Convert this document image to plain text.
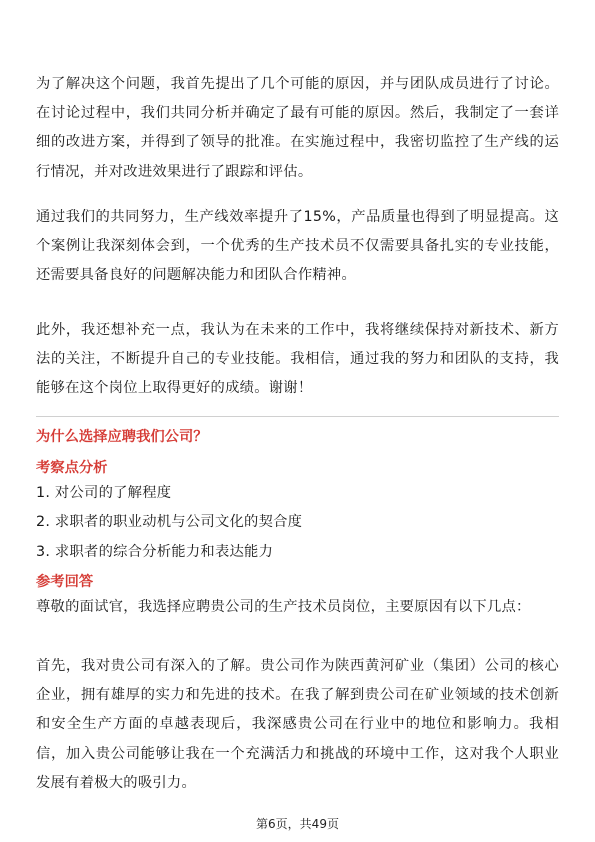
为了解决这个问题，我首先提出了几个可能的原因，并与团队成员进行了讨论。在讨论过程中，我们共同分析并确定了最有可能的原因。然后，我制定了一套详细的改进方案，并得到了领导的批准。在实施过程中，我密切监控了生产线的运行情况，并对改进效果进行了跟踪和评估。

通过我们的共同努力，生产线效率提升了15%，产品质量也得到了明显提高。这个案例让我深刻体会到，一个优秀的生产技术员不仅需要具备扎实的专业技能，还需要具备良好的问题解决能力和团队合作精神。

此外，我还想补充一点，我认为在未来的工作中，我将继续保持对新技术、新方法的关注，不断提升自己的专业技能。我相信，通过我的努力和团队的支持，我能够在这个岗位上取得更好的成绩。谢谢！

为什么选择应聘我们公司？

考察点分析

1. 对公司的了解程度

2. 求职者的职业动机与公司文化的契合度

3. 求职者的综合分析能力和表达能力

参考回答

尊敬的面试官，我选择应聘贵公司的生产技术员岗位，主要原因有以下几点：

首先，我对贵公司有深入的了解。贵公司作为陕西黄河矿业（集团）公司的核心企业，拥有雄厚的实力和先进的技术。在我了解到贵公司在矿业领域的技术创新和安全生产方面的卓越表现后，我深感贵公司在行业中的地位和影响力。我相信，加入贵公司能够让我在一个充满活力和挑战的环境中工作，这对我个人职业发展有着极大的吸引力。

第6页，共49页
